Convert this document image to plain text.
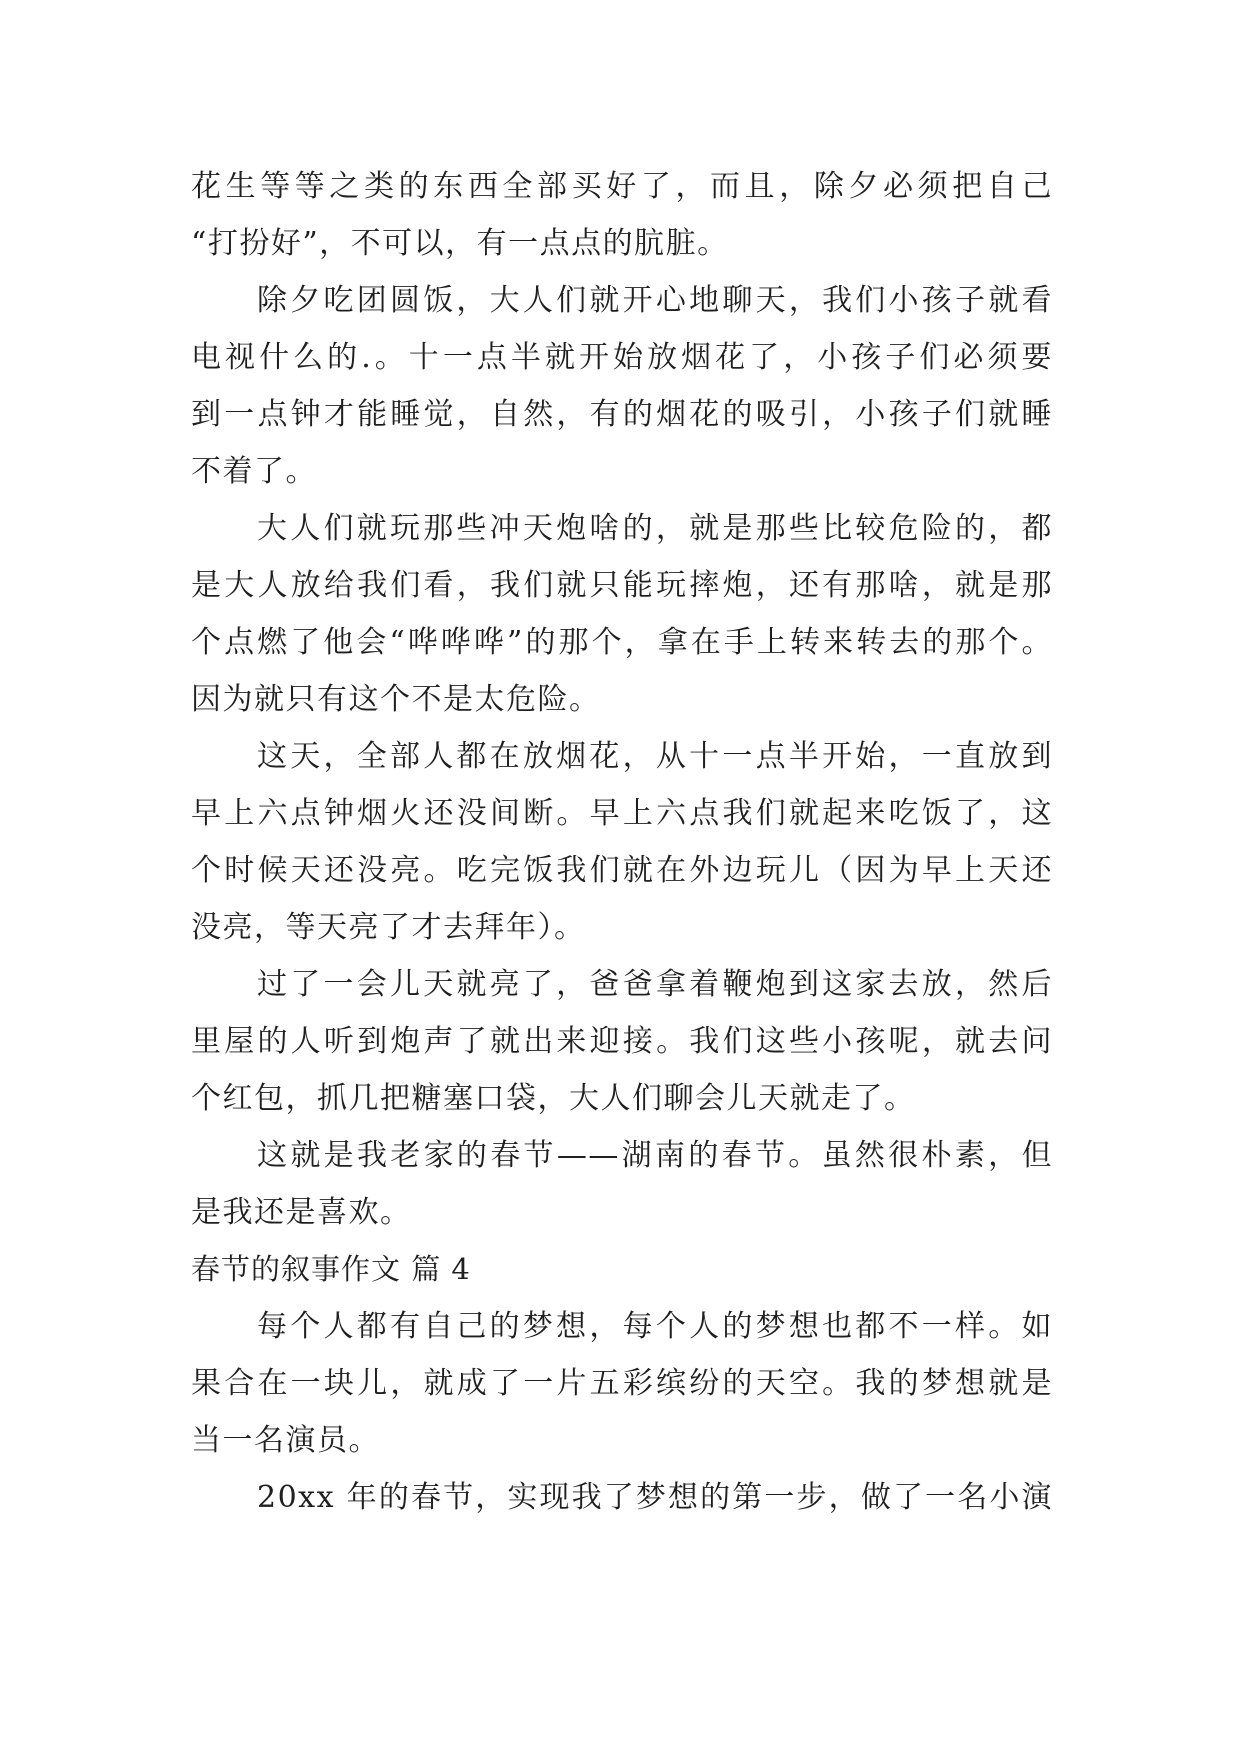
花生等等之类的东西全部买好了，而且，除夕必须把自己
“打扮好”，不可以，有一点点的肮脏。
除夕吃团圆饭，大人们就开心地聊天，我们小孩子就看
电视什么的.。十一点半就开始放烟花了，小孩子们必须要
到一点钟才能睡觉，自然，有的烟花的吸引，小孩子们就睡
不着了。
大人们就玩那些冲天炮啥的，就是那些比较危险的，都
是大人放给我们看，我们就只能玩摔炮，还有那啥，就是那
个点燃了他会“哗哗哗”的那个，拿在手上转来转去的那个。
因为就只有这个不是太危险。
这天，全部人都在放烟花，从十一点半开始，一直放到
早上六点钟烟火还没间断。早上六点我们就起来吃饭了，这
个时候天还没亮。吃完饭我们就在外边玩儿（因为早上天还
没亮，等天亮了才去拜年）。
过了一会儿天就亮了，爸爸拿着鞭炮到这家去放，然后
里屋的人听到炮声了就出来迎接。我们这些小孩呢，就去问
个红包，抓几把糖塞口袋，大人们聊会儿天就走了。
这就是我老家的春节——湖南的春节。虽然很朴素，但
是我还是喜欢。
春节的叙事作文 篇 4
每个人都有自己的梦想，每个人的梦想也都不一样。如
果合在一块儿，就成了一片五彩缤纷的天空。我的梦想就是
当一名演员。
20xx 年的春节，实现我了梦想的第一步，做了一名小演
